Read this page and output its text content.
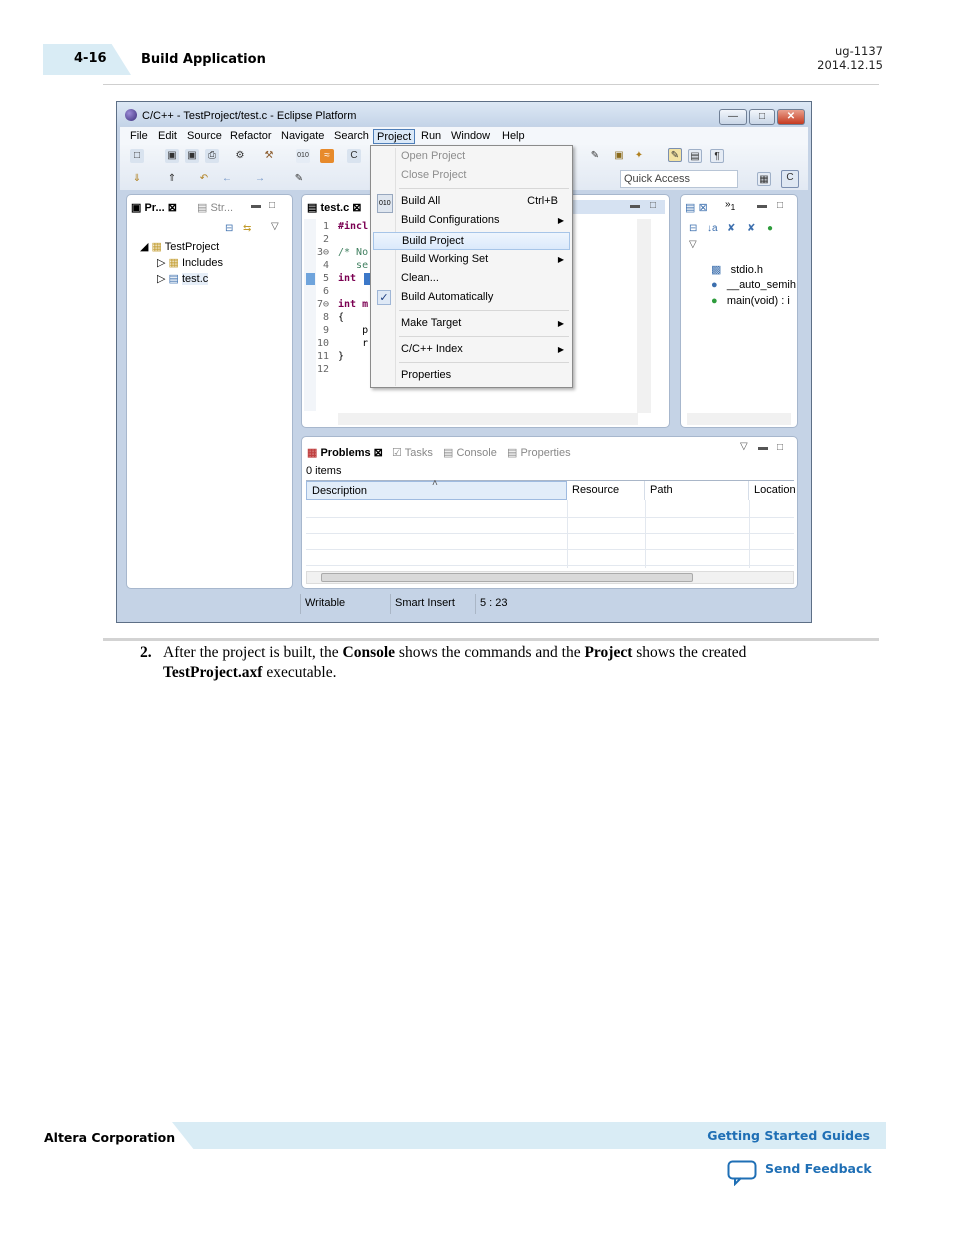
4-16	Build Application
ug-1137
2014.12.15
C/C++ - TestProject/test.c - Eclipse Platform	—	□	✕
File Edit Source Refactor Navigate Search Project Run Window Help
□	▣ ▣	⎙	⚙ ⚒	010	≈	C	✎ ▣ ✦	✎ ▤	¶
⇓	⇑ ↶ ← →	✎	Quick Access	▦	C
▣ Pr... ⊠ ▤ Str... ▬ □
⊟ ⇆ ▽
◢ ▦ TestProject
▷ ▦ Includes
▷ ▤ test.c
▤ test.c ⊠	▬ □
1 #incl
2
3⊖ /* No
4 se
5 int
6
7⊖ int m
8 {
9 p
10 r
11 }
12
Open Project
Close Project
010 Build All	Ctrl+B
Build Configurations	▶
Build Project
Build Working Set	▶
Clean...
✓ Build Automatically
Make Target	▶
C/C++ Index	▶
Properties
▤ ⊠ $»_1$ ▬ □
⊟ ↓a ✘ ✘ ●
▽
▩ stdio.h
● __auto_semih
● main(void) : i
▦ Problems ⊠ ☑ Tasks ▤ Console ▤ Properties
▽ ▬ □
0 items
Description
˄
Resource	Path	Location
Writable	Smart Insert 5 : 23
2. After the project is built, the Console shows the commands and the Project shows the created TestProject.axf executable.
Altera Corporation	Getting Started Guides
Send Feedback
